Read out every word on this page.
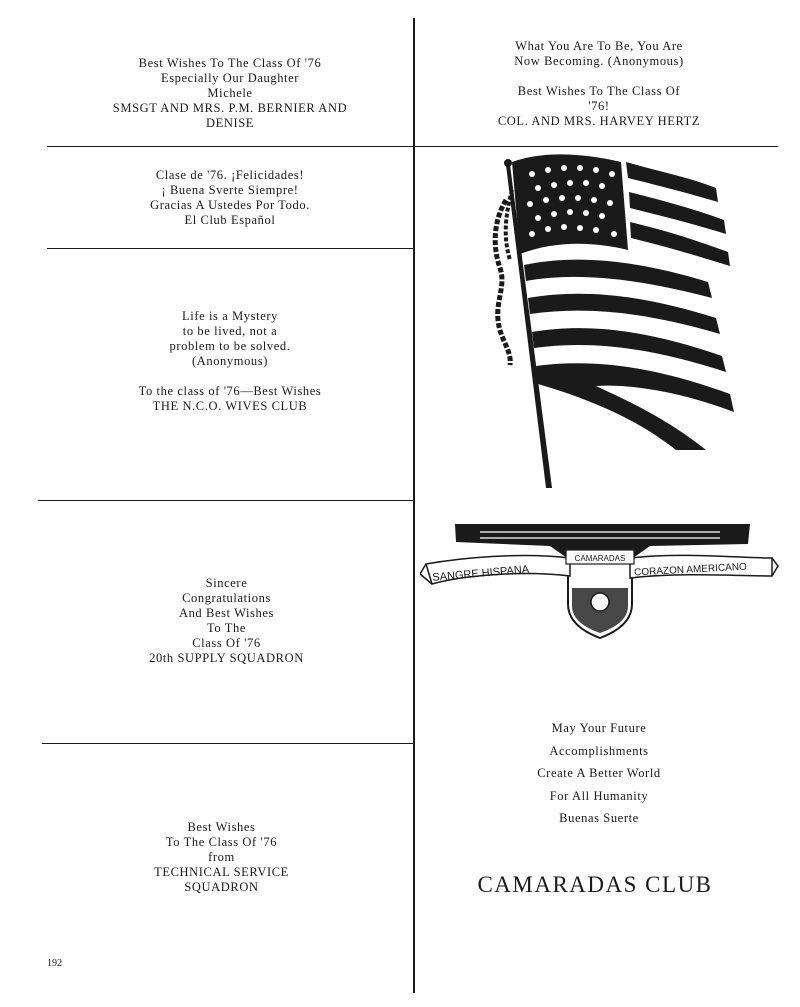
Best Wishes To The Class Of '76
Especially Our Daughter
Michele
SMSGT AND MRS. P.M. BERNIER AND
DENISE
Clase de '76. ¡Felicidades!
¡ Buena Sverte Siempre!
Gracias A Ustedes Por Todo.
El Club Español
Life is a Mystery
to be lived, not a
problem to be solved.
(Anonymous)
To the class of '76—Best Wishes
THE N.C.O. WIVES CLUB
Sincere
Congratulations
And Best Wishes
To The
Class Of '76
20th SUPPLY SQUADRON
Best Wishes
To The Class Of '76
from
TECHNICAL SERVICE
SQUADRON
What You Are To Be, You Are
Now Becoming. (Anonymous)
Best Wishes To The Class Of
'76!
COL. AND MRS. HARVEY HERTZ
SANGRE HISPANA
CAMARADAS
CORAZON AMERICANO
May Your Future
Accomplishments
Create A Better World
For All Humanity
Buenas Suerte
CAMARADAS CLUB
192
